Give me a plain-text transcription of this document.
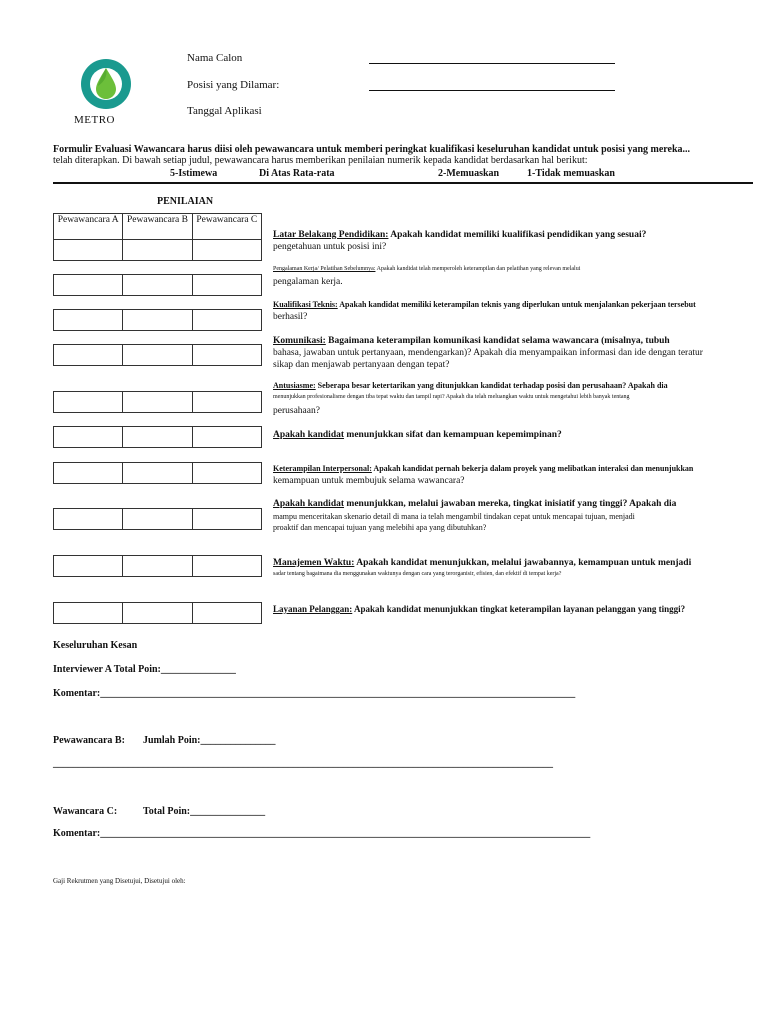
METRO
Nama Calon
Posisi yang Dilamar:
Tanggal Aplikasi
Formulir Evaluasi Wawancara harus diisi oleh pewawancara untuk memberi peringkat kualifikasi keseluruhan kandidat untuk posisi yang mereka...
telah diterapkan. Di bawah setiap judul, pewawancara harus memberikan penilaian numerik kepada kandidat berdasarkan hal berikut:
5-Istimewa	Di Atas Rata-rata	2-Memuaskan	1-Tidak memuaskan
PENILAIAN
Pewawancara A Pewawancara B Pewawancara C
Latar Belakang Pendidikan: Apakah kandidat memiliki kualifikasi pendidikan yang sesuai?
pengetahuan untuk posisi ini?
Pengalaman Kerja/ Pelatihan Sebelumnya: Apakah kandidat telah memperoleh keterampilan dan pelatihan yang relevan melalui
pengalaman kerja.
Kualifikasi Teknis: Apakah kandidat memiliki keterampilan teknis yang diperlukan untuk menjalankan pekerjaan tersebut
berhasil?
Komunikasi: Bagaimana keterampilan komunikasi kandidat selama wawancara (misalnya, tubuh
bahasa, jawaban untuk pertanyaan, mendengarkan)? Apakah dia menyampaikan informasi dan ide dengan teratur
sikap dan menjawab pertanyaan dengan tepat?
Antusiasme: Seberapa besar ketertarikan yang ditunjukkan kandidat terhadap posisi dan perusahaan? Apakah dia
menunjukkan profesionalisme dengan tiba tepat waktu dan tampil rapi? Apakah dia telah meluangkan waktu untuk mengetahui lebih banyak tentang
perusahaan?
Apakah kandidat menunjukkan sifat dan kemampuan kepemimpinan?
Keterampilan Interpersonal: Apakah kandidat pernah bekerja dalam proyek yang melibatkan interaksi dan menunjukkan
kemampuan untuk membujuk selama wawancara?
Apakah kandidat menunjukkan, melalui jawaban mereka, tingkat inisiatif yang tinggi? Apakah dia
mampu menceritakan skenario detail di mana ia telah mengambil tindakan cepat untuk mencapai tujuan, menjadi
proaktif dan mencapai tujuan yang melebihi apa yang dibutuhkan?
Manajemen Waktu: Apakah kandidat menunjukkan, melalui jawabannya, kemampuan untuk menjadi
sadar tentang bagaimana dia menggunakan waktunya dengan cara yang terorganisir, efisien, dan efektif di tempat kerja?
Layanan Pelanggan: Apakah kandidat menunjukkan tingkat keterampilan layanan pelanggan yang tinggi?
Keseluruhan Kesan
Interviewer A Total Poin:_______________
Komentar:_______________________________________________________________________________________________
Pewawancara B: Jumlah Poin:_______________
____________________________________________________________________________________________________
Wawancara C:	Total Poin:_______________
Komentar:__________________________________________________________________________________________________
Gaji Rekrutmen yang Disetujui, Disetujui oleh:
